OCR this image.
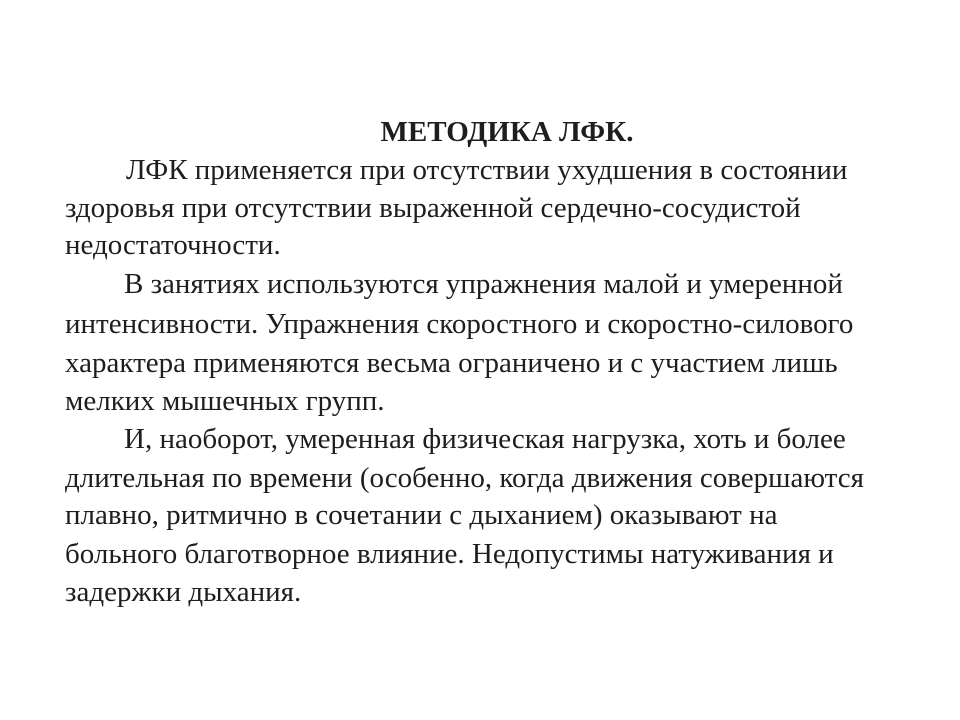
МЕТОДИКА ЛФК.
ЛФК применяется при отсутствии ухудшения в состоянии
здоровья при отсутствии выраженной сердечно-сосудистой
недостаточности.
В занятиях используются упражнения малой и умеренной
интенсивности. Упражнения скоростного и скоростно-силового
характера применяются весьма ограничено и с участием лишь
мелких мышечных групп.
И, наоборот, умеренная физическая нагрузка, хоть и более
длительная по времени (особенно, когда движения совершаются
плавно, ритмично в сочетании с дыханием) оказывают на
больного благотворное влияние. Недопустимы натуживания и
задержки дыхания.
